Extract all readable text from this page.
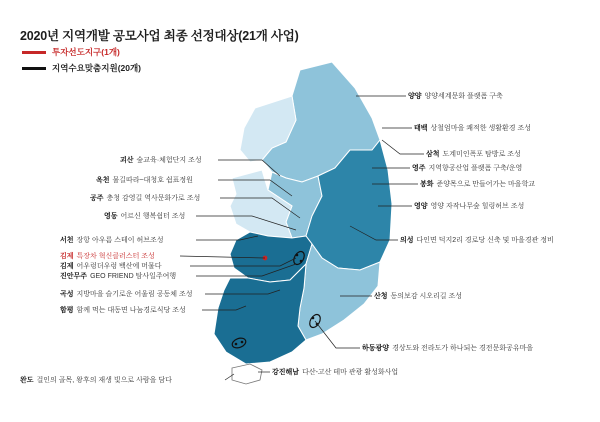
2020년 지역개발 공모사업 최종 선정대상(21개 사업)
투자선도지구(1개)
지역수요맞춤지원(20개)
양양 양양세계문화 플랫폼 구축
태백 상철엄마을 쾌적한 생활환경 조성
삼척 도계미인폭포 탐방로 조성
영주 지역향공산업 플랫폼 구축/운영
봉화 준양목으로 만들어가는 마을학교
영양 영양 자작나무숲 힐링허브 조성
의성 다인면 덕지2리 경로당 신축 및 마을경관 정비
산청 동의보감 시오리길 조성
하동광양 경상도와 전라도가 하나되는 경전문화공유마을
강진해남 다산-고산 테마 관광 활성화사업
완도 걸인의 골목, 왕후의 재생 빛으로 사람을 담다
괴산 숲교육·체험단지 조성
옥천 물길따라~대청호 쉼표정원
공주 충청 감영길 역사문화가로 조성
영동 어르신 행복쉼터 조성
서천 장항 아우름 스테이 허브조성
김제 특장차 혁신클러스터 조성
김제 어우렁더우렁 백산에 머물다
진안무주 GEO FRIEND 탐사일주여행
곡성 지방마을 슬기로운 어울림 공동체 조성
함평 함께 먹는 대동면 나눔경로식당 조성
